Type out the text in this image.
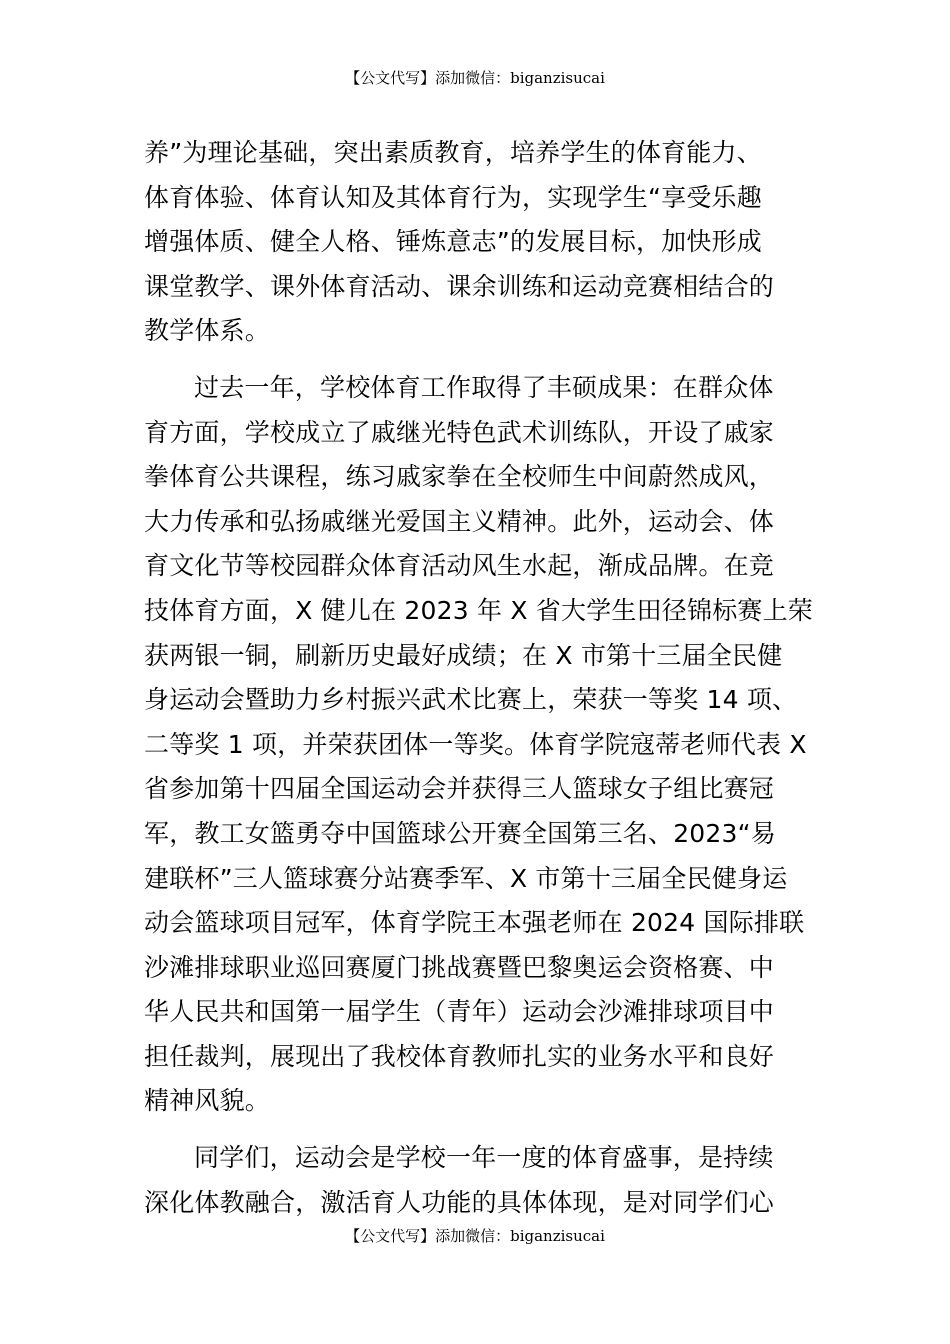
【公文代写】添加微信：biganzisucai
养”为理论基础，突出素质教育，培养学生的体育能力、
体育体验、体育认知及其体育行为，实现学生“享受乐趣
增强体质、健全人格、锤炼意志”的发展目标，加快形成
课堂教学、课外体育活动、课余训练和运动竞赛相结合的
教学体系。
过去一年，学校体育工作取得了丰硕成果：在群众体
育方面，学校成立了戚继光特色武术训练队，开设了戚家
拳体育公共课程，练习戚家拳在全校师生中间蔚然成风，
大力传承和弘扬戚继光爱国主义精神。此外，运动会、体
育文化节等校园群众体育活动风生水起，渐成品牌。在竞
技体育方面，X 健儿在 2023 年 X 省大学生田径锦标赛上荣
获两银一铜，刷新历史最好成绩；在 X 市第十三届全民健
身运动会暨助力乡村振兴武术比赛上，荣获一等奖 14 项、
二等奖 1 项，并荣获团体一等奖。体育学院寇蒂老师代表 X
省参加第十四届全国运动会并获得三人篮球女子组比赛冠
军，教工女篮勇夺中国篮球公开赛全国第三名、2023“易
建联杯”三人篮球赛分站赛季军、X 市第十三届全民健身运
动会篮球项目冠军，体育学院王本强老师在 2024 国际排联
沙滩排球职业巡回赛厦门挑战赛暨巴黎奥运会资格赛、中
华人民共和国第一届学生（青年）运动会沙滩排球项目中
担任裁判，展现出了我校体育教师扎实的业务水平和良好
精神风貌。
同学们，运动会是学校一年一度的体育盛事，是持续
深化体教融合，激活育人功能的具体体现，是对同学们心
【公文代写】添加微信：biganzisucai
